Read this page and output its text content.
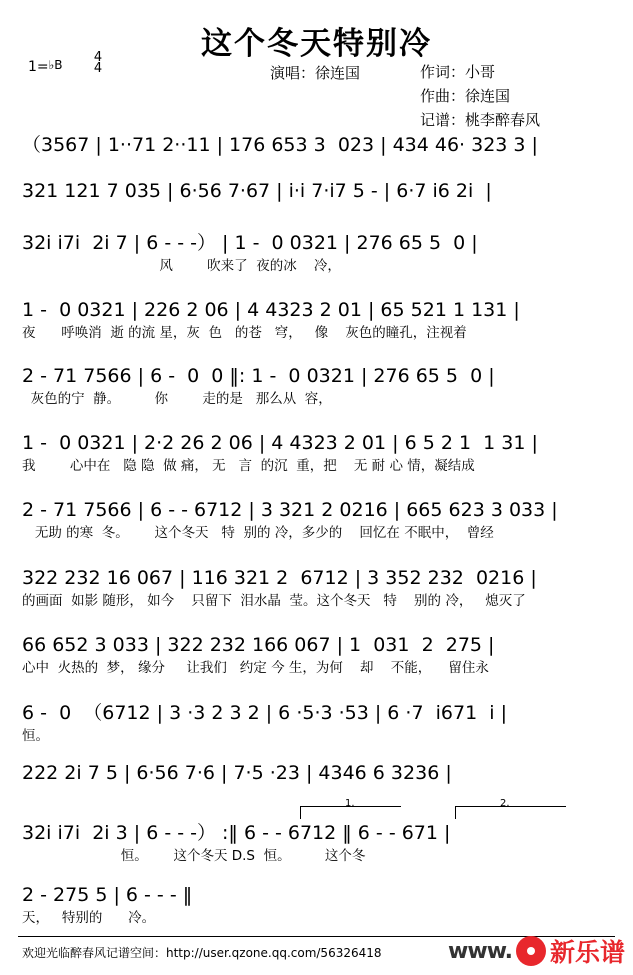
这个冬天特别冷
1=♭B 4
4	演唱：徐连国	作词：小哥
作曲：徐连国
记谱：桃李醉春风
（3567 | 1··71 2··11 | 176 653 3  023 | 434 46· 323 3 |
321 121 7 035 | 6·56 7·67 | i·i 7·i7 5 - | 6·7 i6 2i  |
32i i7i  2i 7 | 6 - - -） | 1 -  0 0321 | 276 65 5  0 |
风        吹来了  夜的冰    冷，
1 -  0 0321 | 226 2 06 | 4 4323 2 01 | 65 521 1 131 |
夜      呼唤消  逝 的流 星，灰  色   的苍   穹，   像    灰色的瞳孔，注视着
2 - 71 7566 | 6 -  0  0 ‖: 1 -  0 0321 | 276 65 5  0 |
灰色的宁  静。        你        走的是   那么从  容，
1 -  0 0321 | 2·2 26 2 06 | 4 4323 2 01 | 6 5 2 1  1 31 |
我        心中在   隐 隐  做 痛， 无   言  的沉  重，把    无 耐 心 情，凝结成
2 - 71 7566 | 6 - - 6712 | 3 321 2 0216 | 665 623 3 033 |
无助 的寒  冬。      这个冬天   特  别的 冷，多少的    回忆在 不眠中，  曾经
322 232 16 067 | 116 321 2  6712 | 3 352 232  0216 |
的画面  如影 随形， 如今    只留下  泪水晶  莹。这个冬天   特    别的 冷，   熄灭了
66 652 3 033 | 322 232 166 067 | 1  031  2  275 |
心中  火热的  梦， 缘分     让我们   约定 今 生，为何    却    不能，    留住永
6 -  0  （6712 | 3 ·3 2 3 2 | 6 ·5·3 ·53 | 6 ·7  i671  i |
恒。
222 2i 7 5 | 6·56 7·6 | 7·5 ·23 | 4346 6 3236 |
1.	2.
32i i7i  2i 3 | 6 - - -） :‖ 6 - - 6712 ‖ 6 - - 671 |
恒。      这个冬天 D.S  恒。        这个冬
2 - 275 5 | 6 - - - ‖
天，   特别的      冷。
欢迎光临醉春风记谱空间：http://user.qzone.qq.com/56326418	www. 新乐谱
